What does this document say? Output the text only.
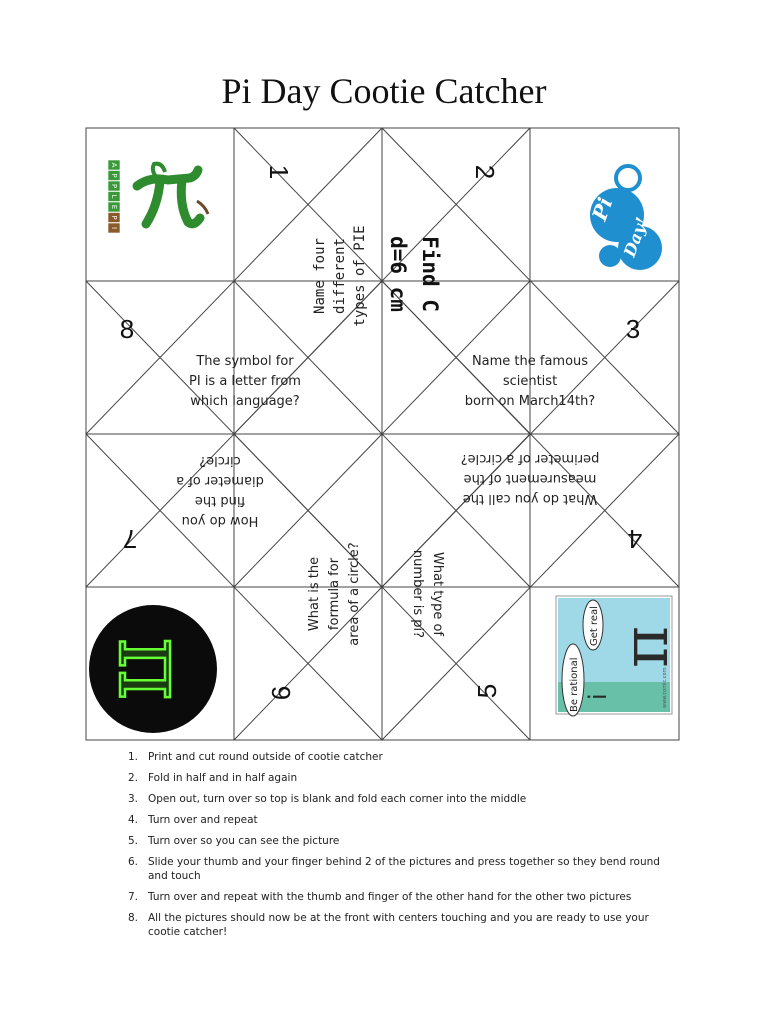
Pi Day Cootie Catcher
A
P
P
L
E
P
I
Pi
Day!
π	Be rational
Get real π
i	www.comic.com
1	2
3
4
5
6
7
8
Name four different types of PIE Find C
d=6 cm
Name the famous
scientist
born on March14th?
What do you call the
measurement of the
perimeter of a circle?
What type of
number is pi?
What is the formula for area of a circle?
How do you
find the
diameter of a
circle?
The symbol for
PI is a letter from
which language?
1. Print and cut round outside of cootie catcher
2. Fold in half and in half again
3. Open out, turn over so top is blank and fold each corner into the middle
4. Turn over and repeat
5. Turn over so you can see the picture
6. Slide your thumb and your finger behind 2 of the pictures and press together so they bend round and touch
7. Turn over and repeat with the thumb and finger of the other hand for the other two pictures
8. All the pictures should now be at the front with centers touching and you are ready to use your cootie catcher!
